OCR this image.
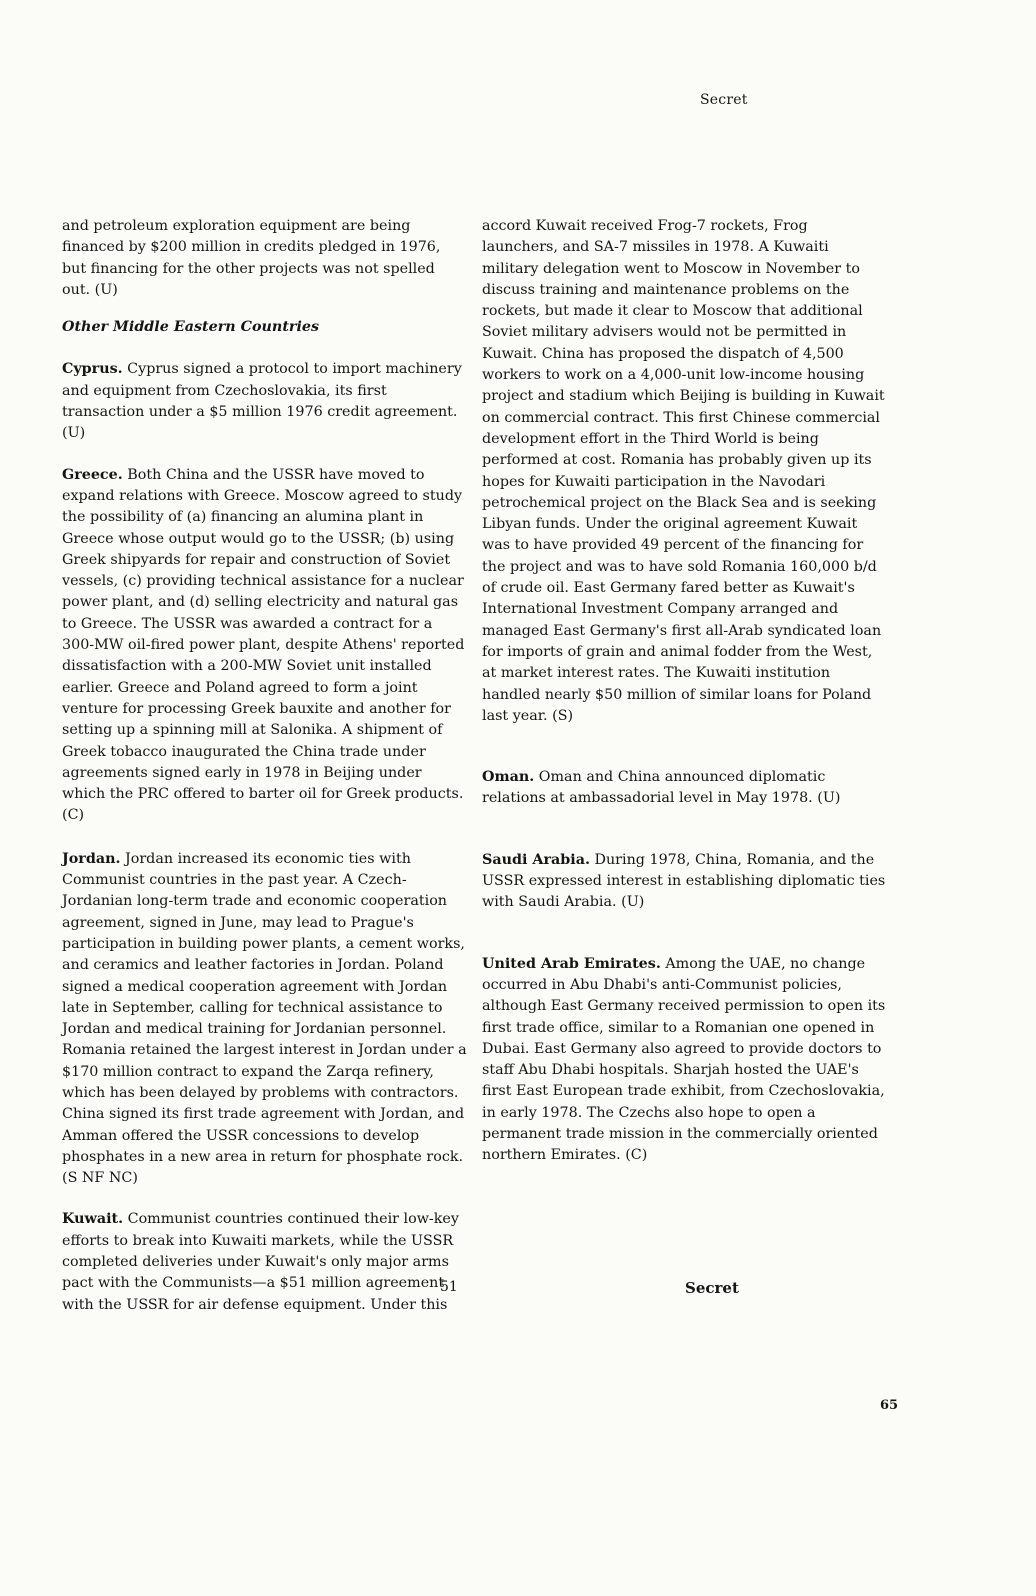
Secret

and petroleum exploration equipment are being financed by $200 million in credits pledged in 1976, but financing for the other projects was not spelled out. (U)

Other Middle Eastern Countries

Cyprus. Cyprus signed a protocol to import machinery and equipment from Czechoslovakia, its first transaction under a $5 million 1976 credit agreement. (U)

Greece. Both China and the USSR have moved to expand relations with Greece. Moscow agreed to study the possibility of (a) financing an alumina plant in Greece whose output would go to the USSR; (b) using Greek shipyards for repair and construction of Soviet vessels, (c) providing technical assistance for a nuclear power plant, and (d) selling electricity and natural gas to Greece. The USSR was awarded a contract for a 300-MW oil-fired power plant, despite Athens' reported dissatisfaction with a 200-MW Soviet unit installed earlier. Greece and Poland agreed to form a joint venture for processing Greek bauxite and another for setting up a spinning mill at Salonika. A shipment of Greek tobacco inaugurated the China trade under agreements signed early in 1978 in Beijing under which the PRC offered to barter oil for Greek products. (C)

Jordan. Jordan increased its economic ties with Communist countries in the past year. A Czech-Jordanian long-term trade and economic cooperation agreement, signed in June, may lead to Prague's participation in building power plants, a cement works, and ceramics and leather factories in Jordan. Poland signed a medical cooperation agreement with Jordan late in September, calling for technical assistance to Jordan and medical training for Jordanian personnel. Romania retained the largest interest in Jordan under a $170 million contract to expand the Zarqa refinery, which has been delayed by problems with contractors. China signed its first trade agreement with Jordan, and Amman offered the USSR concessions to develop phosphates in a new area in return for phosphate rock. (S NF NC)

Kuwait. Communist countries continued their low-key efforts to break into Kuwaiti markets, while the USSR completed deliveries under Kuwait's only major arms pact with the Communists—a $51 million agreement with the USSR for air defense equipment. Under this

accord Kuwait received Frog-7 rockets, Frog launchers, and SA-7 missiles in 1978. A Kuwaiti military delegation went to Moscow in November to discuss training and maintenance problems on the rockets, but made it clear to Moscow that additional Soviet military advisers would not be permitted in Kuwait. China has proposed the dispatch of 4,500 workers to work on a 4,000-unit low-income housing project and stadium which Beijing is building in Kuwait on commercial contract. This first Chinese commercial development effort in the Third World is being performed at cost. Romania has probably given up its hopes for Kuwaiti participation in the Navodari petrochemical project on the Black Sea and is seeking Libyan funds. Under the original agreement Kuwait was to have provided 49 percent of the financing for the project and was to have sold Romania 160,000 b/d of crude oil. East Germany fared better as Kuwait's International Investment Company arranged and managed East Germany's first all-Arab syndicated loan for imports of grain and animal fodder from the West, at market interest rates. The Kuwaiti institution handled nearly $50 million of similar loans for Poland last year. (S)

Oman. Oman and China announced diplomatic relations at ambassadorial level in May 1978. (U)

Saudi Arabia. During 1978, China, Romania, and the USSR expressed interest in establishing diplomatic ties with Saudi Arabia. (U)

United Arab Emirates. Among the UAE, no change occurred in Abu Dhabi's anti-Communist policies, although East Germany received permission to open its first trade office, similar to a Romanian one opened in Dubai. East Germany also agreed to provide doctors to staff Abu Dhabi hospitals. Sharjah hosted the UAE's first East European trade exhibit, from Czechoslovakia, in early 1978. The Czechs also hope to open a permanent trade mission in the commercially oriented northern Emirates. (C)

51	Secret
65
